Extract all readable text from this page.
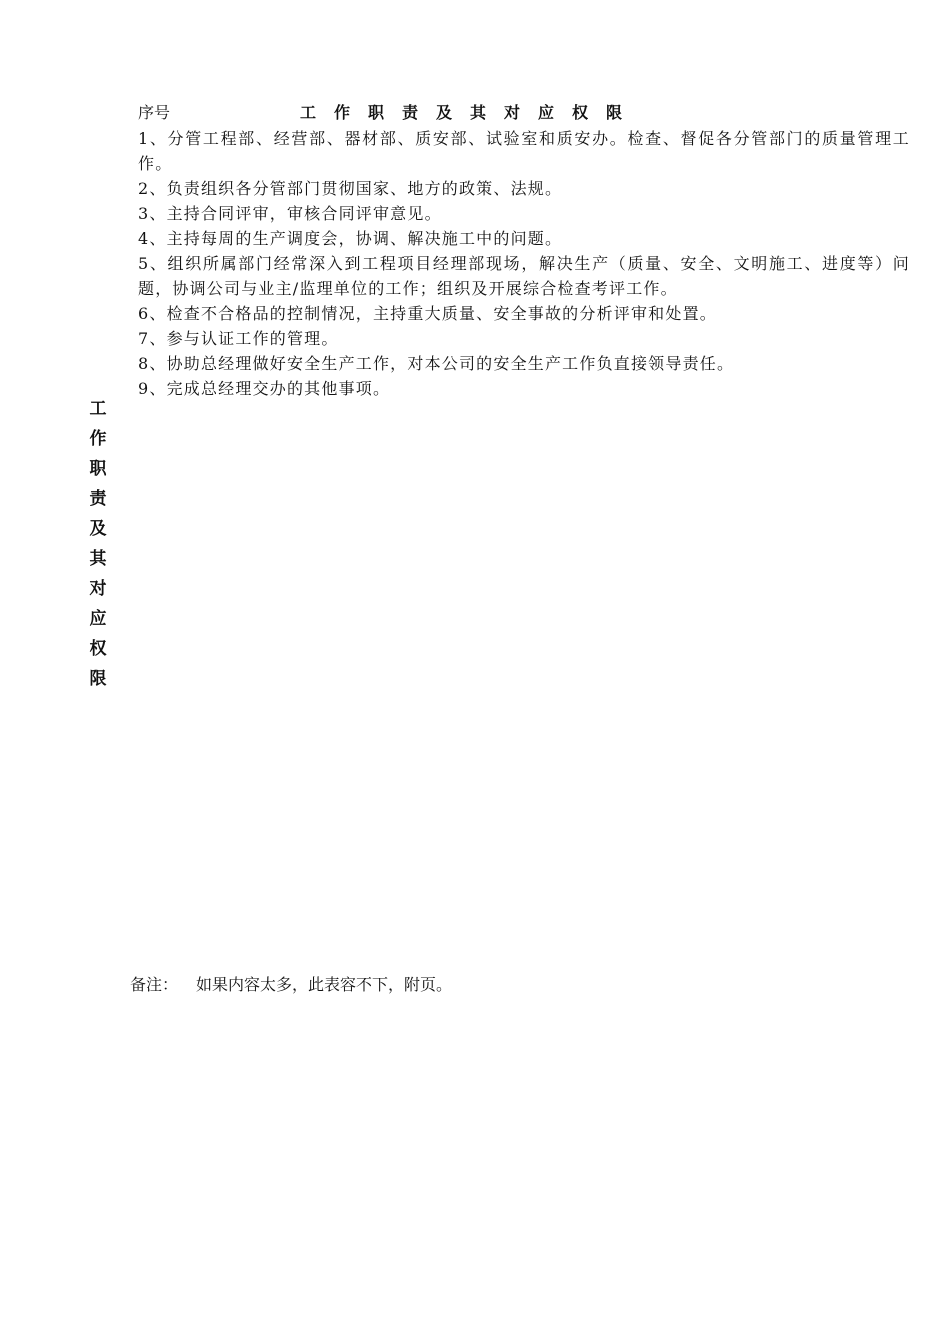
序号	工作职责及其对应权限
1、分管工程部、经营部、器材部、质安部、试验室和质安办。检查、督促各分管部门的质量管理工作。
2、负责组织各分管部门贯彻国家、地方的政策、法规。
3、主持合同评审，审核合同评审意见。
4、主持每周的生产调度会，协调、解决施工中的问题。
5、组织所属部门经常深入到工程项目经理部现场，解决生产（质量、安全、文明施工、进度等）问题，协调公司与业主/监理单位的工作；组织及开展综合检查考评工作。
6、检查不合格品的控制情况，主持重大质量、安全事故的分析评审和处置。
7、参与认证工作的管理。
8、协助总经理做好安全生产工作，对本公司的安全生产工作负直接领导责任。
9、完成总经理交办的其他事项。
工
作
职
责
及
其
对
应
权
限
备注： 如果内容太多，此表容不下，附页。
